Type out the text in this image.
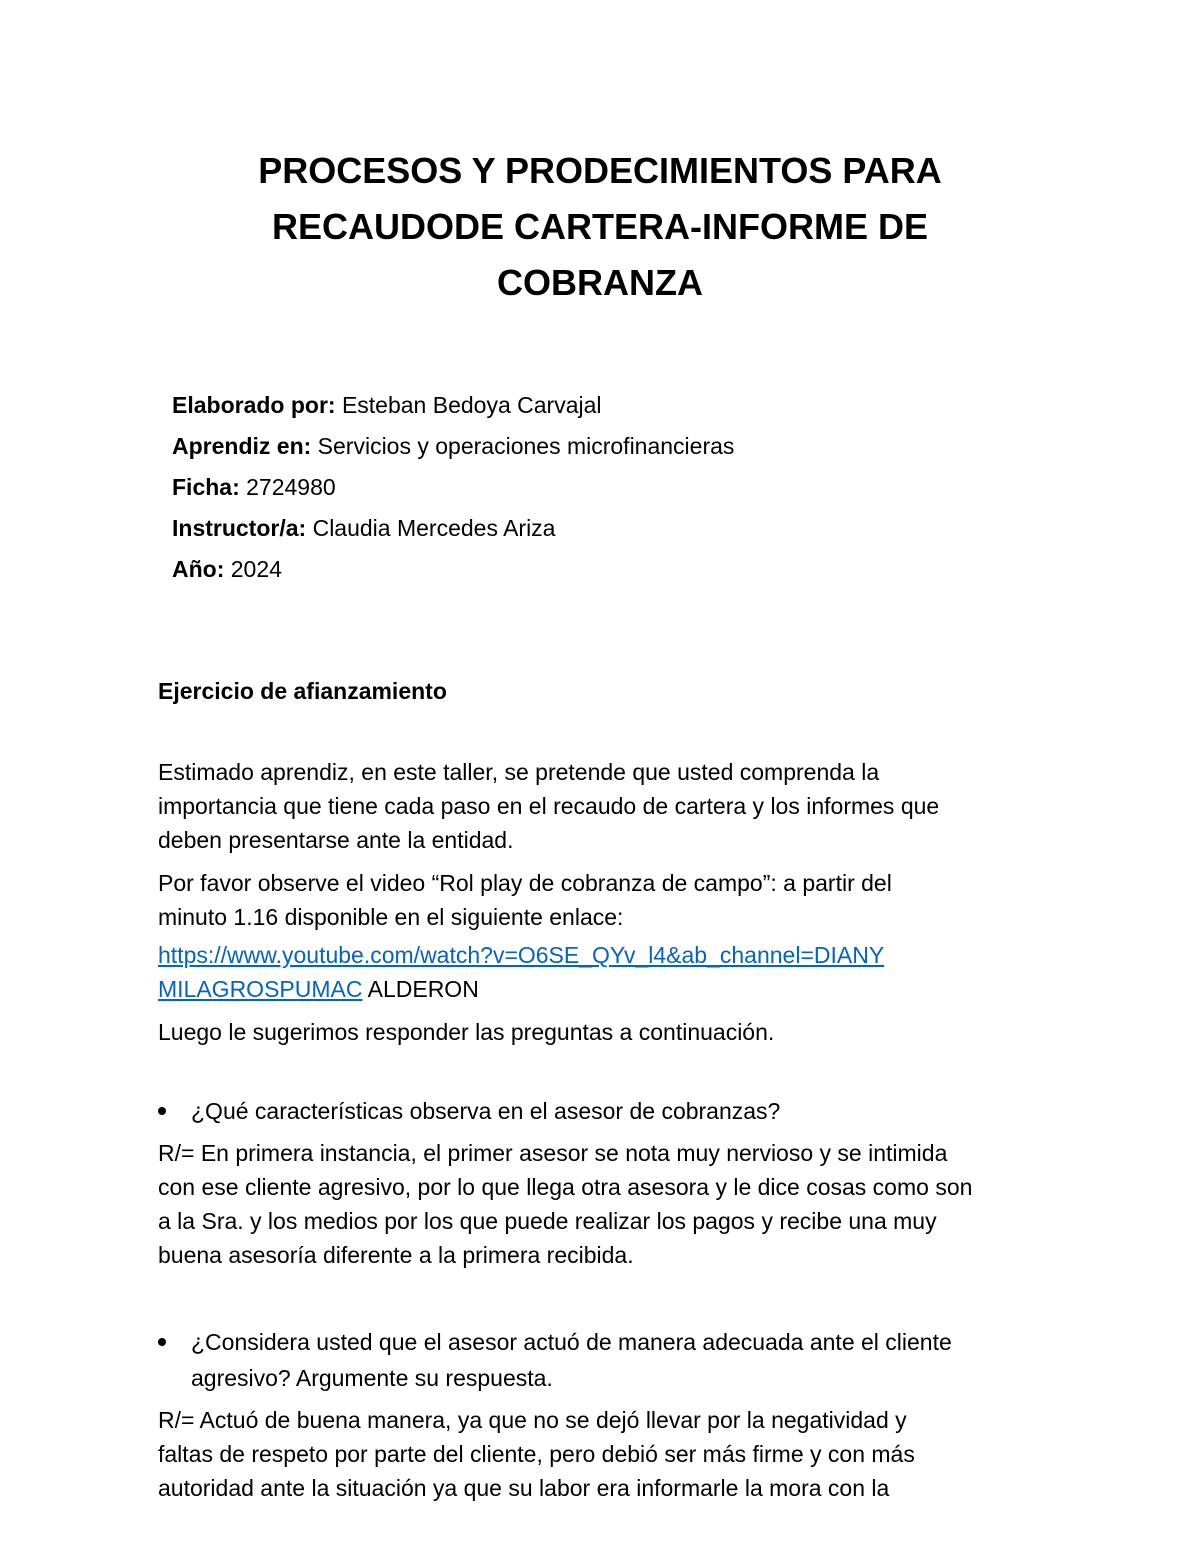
PROCESOS Y PRODECIMIENTOS PARA
RECAUDODE CARTERA-INFORME DE
COBRANZA
Elaborado por: Esteban Bedoya Carvajal
Aprendiz en: Servicios y operaciones microfinancieras
Ficha: 2724980
Instructor/a: Claudia Mercedes Ariza
Año: 2024
Ejercicio de afianzamiento
Estimado aprendiz, en este taller, se pretende que usted comprenda la
importancia que tiene cada paso en el recaudo de cartera y los informes que
deben presentarse ante la entidad.
Por favor observe el video “Rol play de cobranza de campo”: a partir del
minuto 1.16 disponible en el siguiente enlace:
https://www.youtube.com/watch?v=O6SE_QYv_l4&ab_channel=DIANY
MILAGROSPUMAC ALDERON
Luego le sugerimos responder las preguntas a continuación.
¿Qué características observa en el asesor de cobranzas?
R/= En primera instancia, el primer asesor se nota muy nervioso y se intimida
con ese cliente agresivo, por lo que llega otra asesora y le dice cosas como son
a la Sra. y los medios por los que puede realizar los pagos y recibe una muy
buena asesoría diferente a la primera recibida.
¿Considera usted que el asesor actuó de manera adecuada ante el cliente
agresivo? Argumente su respuesta.
R/= Actuó de buena manera, ya que no se dejó llevar por la negatividad y
faltas de respeto por parte del cliente, pero debió ser más firme y con más
autoridad ante la situación ya que su labor era informarle la mora con la
